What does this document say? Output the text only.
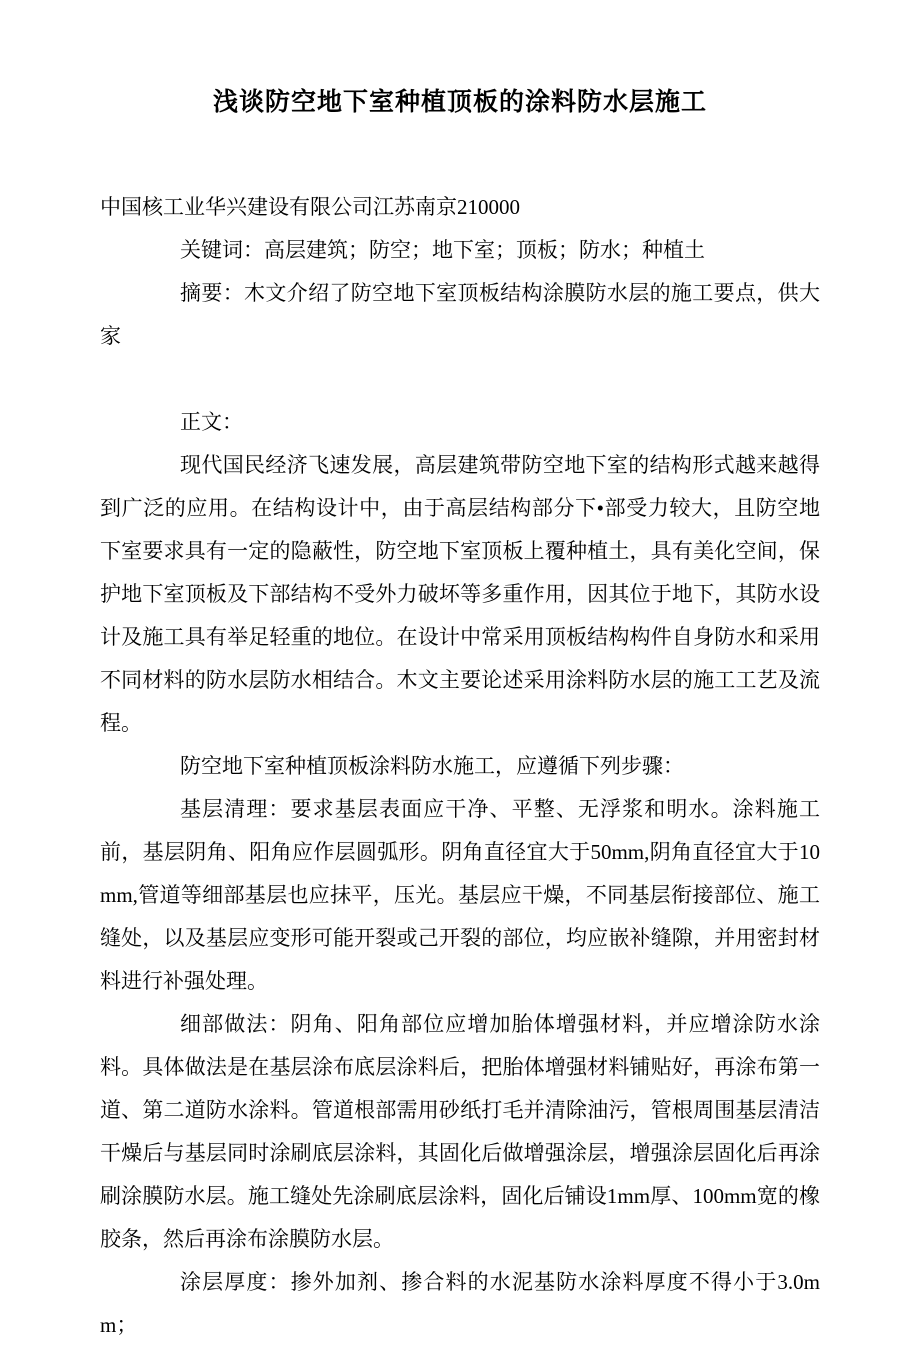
浅谈防空地下室种植顶板的涂料防水层施工

中国核工业华兴建设有限公司江苏南京210000

关键词：高层建筑；防空；地下室；顶板；防水；种植土

摘要：木文介绍了防空地下室顶板结构涂膜防水层的施工要点，供大家

正文：

现代国民经济飞速发展，高层建筑带防空地下室的结构形式越来越得到广泛的应用。在结构设计中，由于高层结构部分下•部受力较大，且防空地下室要求具有一定的隐蔽性，防空地下室顶板上覆种植土，具有美化空间，保护地下室顶板及下部结构不受外力破坏等多重作用，因其位于地下，其防水设计及施工具有举足轻重的地位。在设计中常采用顶板结构构件自身防水和采用不同材料的防水层防水相结合。木文主要论述采用涂料防水层的施工工艺及流程。

防空地下室种植顶板涂料防水施工，应遵循下列步骤：

基层清理：要求基层表面应干净、平整、无浮浆和明水。涂料施工前，基层阴角、阳角应作层圆弧形。阴角直径宜大于50mm,阴角直径宜大于10mm,管道等细部基层也应抹平，压光。基层应干燥，不同基层衔接部位、施工缝处，以及基层应变形可能开裂或己开裂的部位，均应嵌补缝隙，并用密封材料进行补强处理。

细部做法：阴角、阳角部位应增加胎体增强材料，并应增涂防水涂料。具体做法是在基层涂布底层涂料后，把胎体增强材料铺贴好，再涂布第一道、第二道防水涂料。管道根部需用砂纸打毛并清除油污，管根周围基层清洁干燥后与基层同时涂刷底层涂料，其固化后做增强涂层，增强涂层固化后再涂刷涂膜防水层。施工缝处先涂刷底层涂料，固化后铺设1mm厚、100mm宽的橡胶条，然后再涂布涂膜防水层。

涂层厚度：掺外加剂、掺合料的水泥基防水涂料厚度不得小于3.0mm；
